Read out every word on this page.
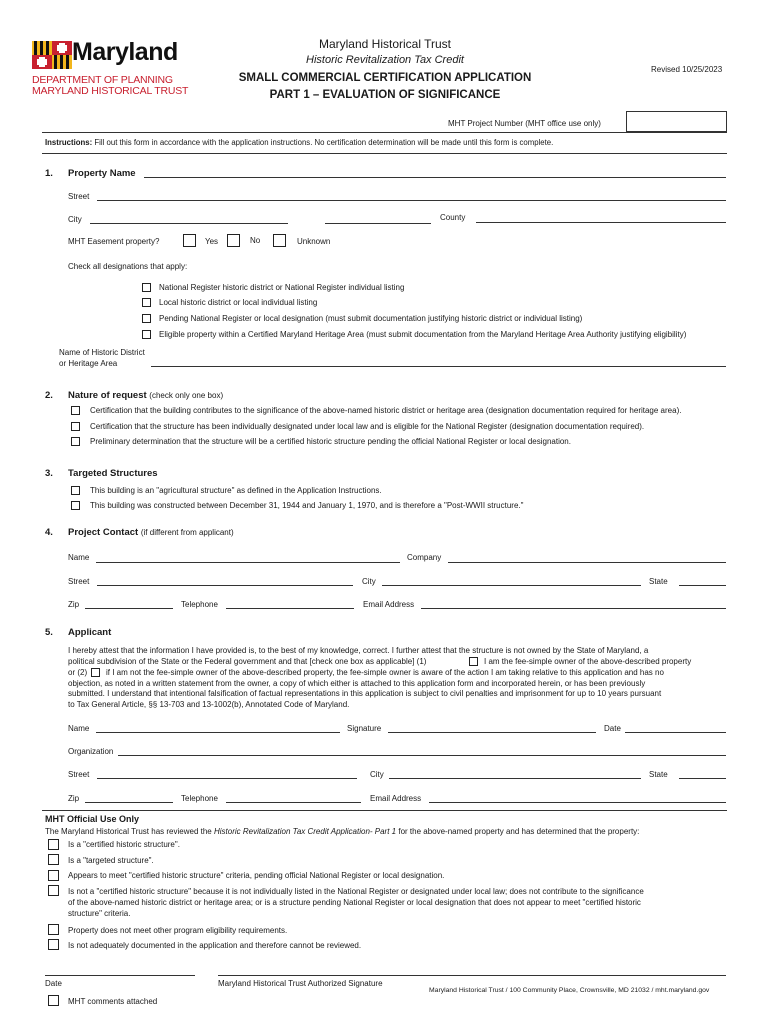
Maryland
DEPARTMENT OF PLANNING
MARYLAND HISTORICAL TRUST
Maryland Historical Trust
Historic Revitalization Tax Credit
SMALL COMMERCIAL CERTIFICATION APPLICATION
PART 1 – EVALUATION OF SIGNIFICANCE
Revised 10/25/2023
MHT Project Number (MHT office use only)
Instructions: Fill out this form in accordance with the application instructions. No certification determination will be made until this form is complete.
1. Property Name
Street
City	County
MHT Easement property?	Yes	No	Unknown
Check all designations that apply:
National Register historic district or National Register individual listing
Local historic district or local individual listing
Pending National Register or local designation (must submit documentation justifying historic district or individual listing)
Eligible property within a Certified Maryland Heritage Area (must submit documentation from the Maryland Heritage Area Authority justifying eligibility)
Name of Historic District
or Heritage Area
2. Nature of request (check only one box)
Certification that the building contributes to the significance of the above-named historic district or heritage area (designation documentation required for heritage area).
Certification that the structure has been individually designated under local law and is eligible for the National Register (designation documentation required).
Preliminary determination that the structure will be a certified historic structure pending the official National Register or local designation.
3. Targeted Structures
This building is an "agricultural structure" as defined in the Application Instructions.
This building was constructed between December 31, 1944 and January 1, 1970, and is therefore a "Post-WWII structure."
4. Project Contact (if different from applicant)
Name	Company
Street	City	State
Zip	Telephone	Email Address
5. Applicant
I hereby attest that the information I have provided is, to the best of my knowledge, correct. I further attest that the structure is not owned by the State of Maryland, a
political subdivision of the State or the Federal government and that [check one box as applicable] (1)	I am the fee-simple owner of the above-described property
or (2) if I am not the fee-simple owner of the above-described property, the fee-simple owner is aware of the action I am taking relative to this application and has no
objection, as noted in a written statement from the owner, a copy of which either is attached to this application form and incorporated herein, or has been previously
submitted. I understand that intentional falsification of factual representations in this application is subject to civil penalties and imprisonment for up to 10 years pursuant
to Tax General Article, §§ 13-703 and 13-1002(b), Annotated Code of Maryland.
Name	Signature	Date
Organization
Street	City	State
Zip	Telephone	Email Address
MHT Official Use Only
The Maryland Historical Trust has reviewed the Historic Revitalization Tax Credit Application- Part 1 for the above-named property and has determined that the property:
Is a "certified historic structure".
Is a "targeted structure".
Appears to meet "certified historic structure" criteria, pending official National Register or local designation.
Is not a "certified historic structure" because it is not individually listed in the National Register or designated under local law; does not contribute to the significance
of the above-named historic district or heritage area; or is a structure pending National Register or local designation that does not appear to meet "certified historic
structure" criteria.
Property does not meet other program eligibility requirements.
Is not adequately documented in the application and therefore cannot be reviewed.
Date	Maryland Historical Trust Authorized Signature
MHT comments attached
Maryland Historical Trust / 100 Community Place, Crownsville, MD 21032 / mht.maryland.gov
